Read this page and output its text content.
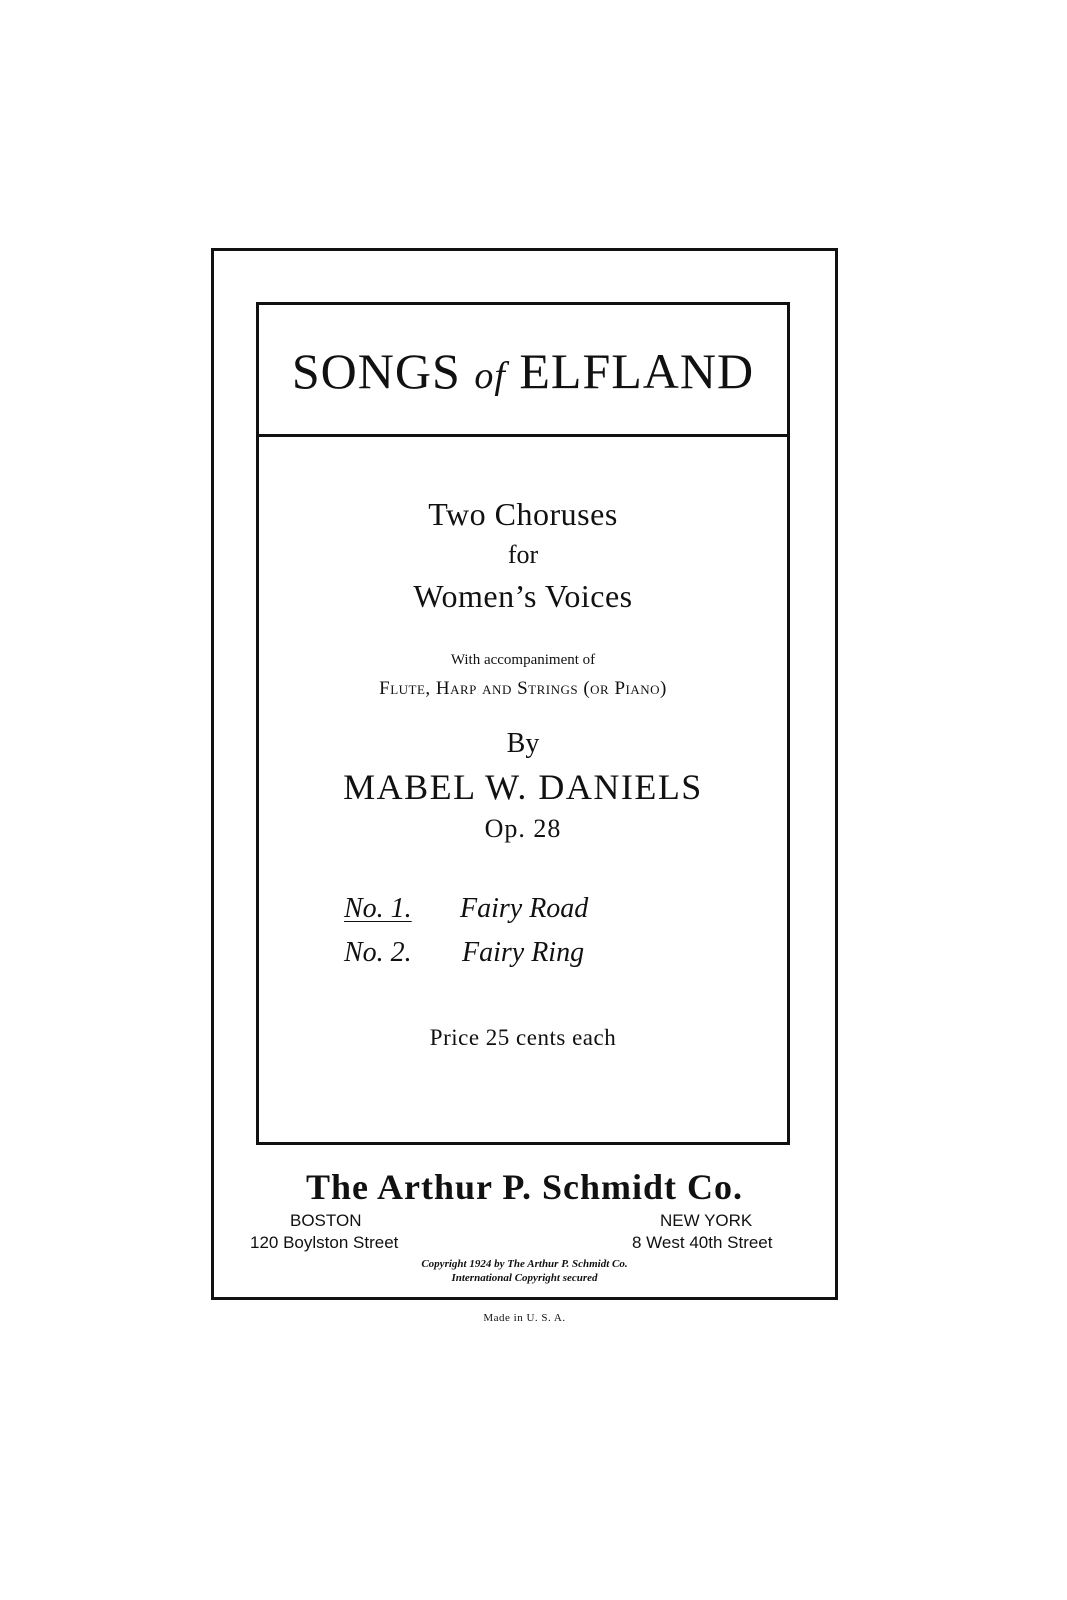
SONGS of ELFLAND
Two Choruses
for
Women’s Voices
With accompaniment of
Flute, Harp and Strings (or Piano)
By
MABEL W. DANIELS
Op. 28
No. 1. Fairy Road
No. 2. Fairy Ring
Price 25 cents each
The Arthur P. Schmidt Co.
BOSTON	NEW YORK
120 Boylston Street	8 West 40th Street
Copyright 1924 by The Arthur P. Schmidt Co.
International Copyright secured
Made in U. S. A.
